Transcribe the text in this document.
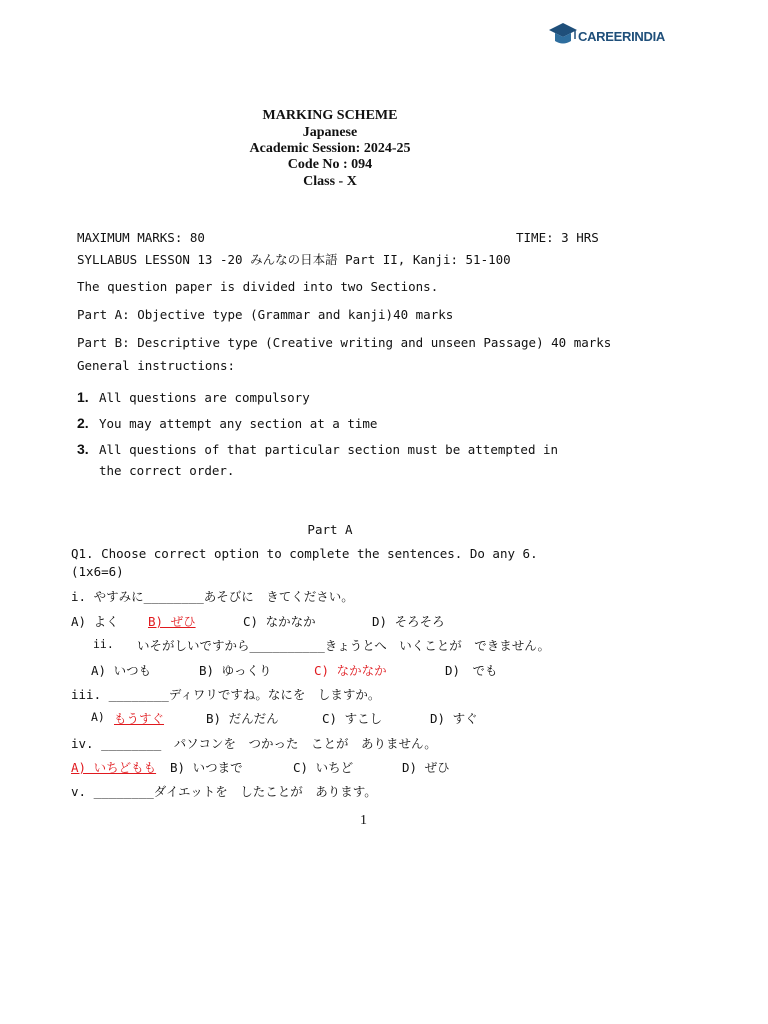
CAREERINDIA
MARKING SCHEME
Japanese
Academic Session: 2024-25
Code No : 094
Class - X
MAXIMUM MARKS: 80	TIME: 3 HRS
SYLLABUS LESSON 13 -20 みんなの日本語 Part II, Kanji: 51-100
The question paper is divided into two Sections.
Part A: Objective type (Grammar and kanji)40 marks
Part B: Descriptive type (Creative writing and unseen Passage) 40 marks
General instructions:
1. All questions are compulsory
2. You may attempt any section at a time
3. All questions of that particular section must be attempted in
the correct order.
Part A
Q1. Choose correct option to complete the sentences. Do any 6.
(1x6=6)
i. やすみに________あそびに　きてください。
A) よく B) ぜひ	C) なかなか	D) そろそろ
ii. いそがしいですから__________きょうとへ　いくことが　できません。
A) いつも	B) ゆっくり	C) なかなか	D)　でも
iii. ________ディワリですね。なにを　しますか。
A) もうすぐ	B) だんだん	C) すこし	D) すぐ
iv. ________　パソコンを　つかった　ことが　ありません。
A) いちどもも B) いつまで	C) いちど	D) ぜひ
v. ________ダイエットを　したことが　あります。
1
